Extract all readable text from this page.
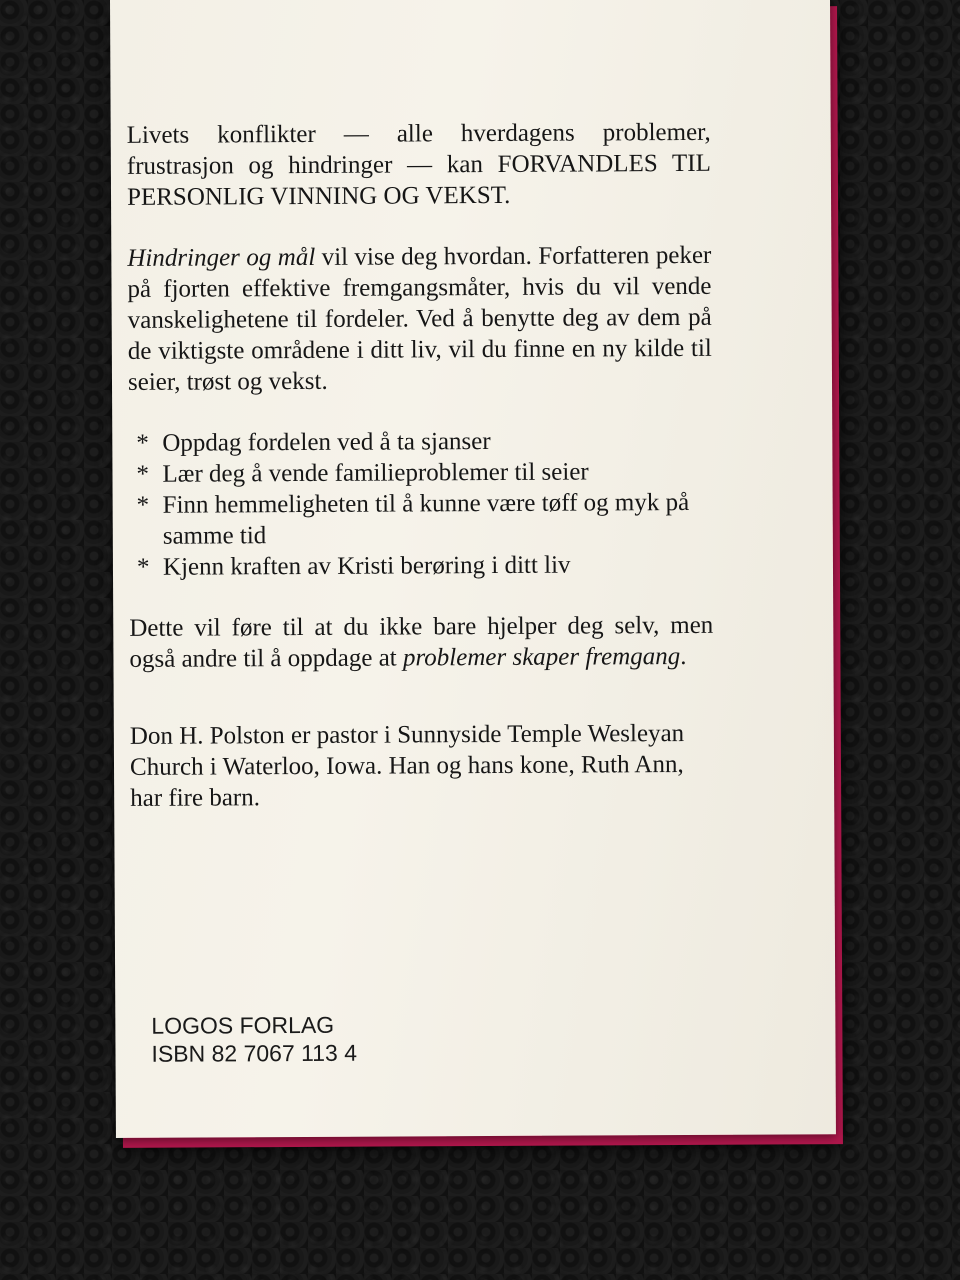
Livets konflikter — alle hverdagens problemer, frustrasjon og hindringer — kan FORVANDLES TIL PERSONLIG VINNING OG VEKST.

Hindringer og mål vil vise deg hvordan. Forfatteren peker på fjorten effektive fremgangsmåter, hvis du vil vende vanskelighetene til fordeler. Ved å benytte deg av dem på de viktigste områdene i ditt liv, vil du finne en ny kilde til seier, trøst og vekst.

* Oppdag fordelen ved å ta sjanser
* Lær deg å vende familieproblemer til seier
* Finn hemmeligheten til å kunne være tøff og myk på samme tid
* Kjenn kraften av Kristi berøring i ditt liv

Dette vil føre til at du ikke bare hjelper deg selv, men også andre til å oppdage at problemer skaper fremgang.

Don H. Polston er pastor i Sunnyside Temple Wesleyan Church i Waterloo, Iowa. Han og hans kone, Ruth Ann, har fire barn.

LOGOS FORLAG
ISBN 82 7067 113 4
